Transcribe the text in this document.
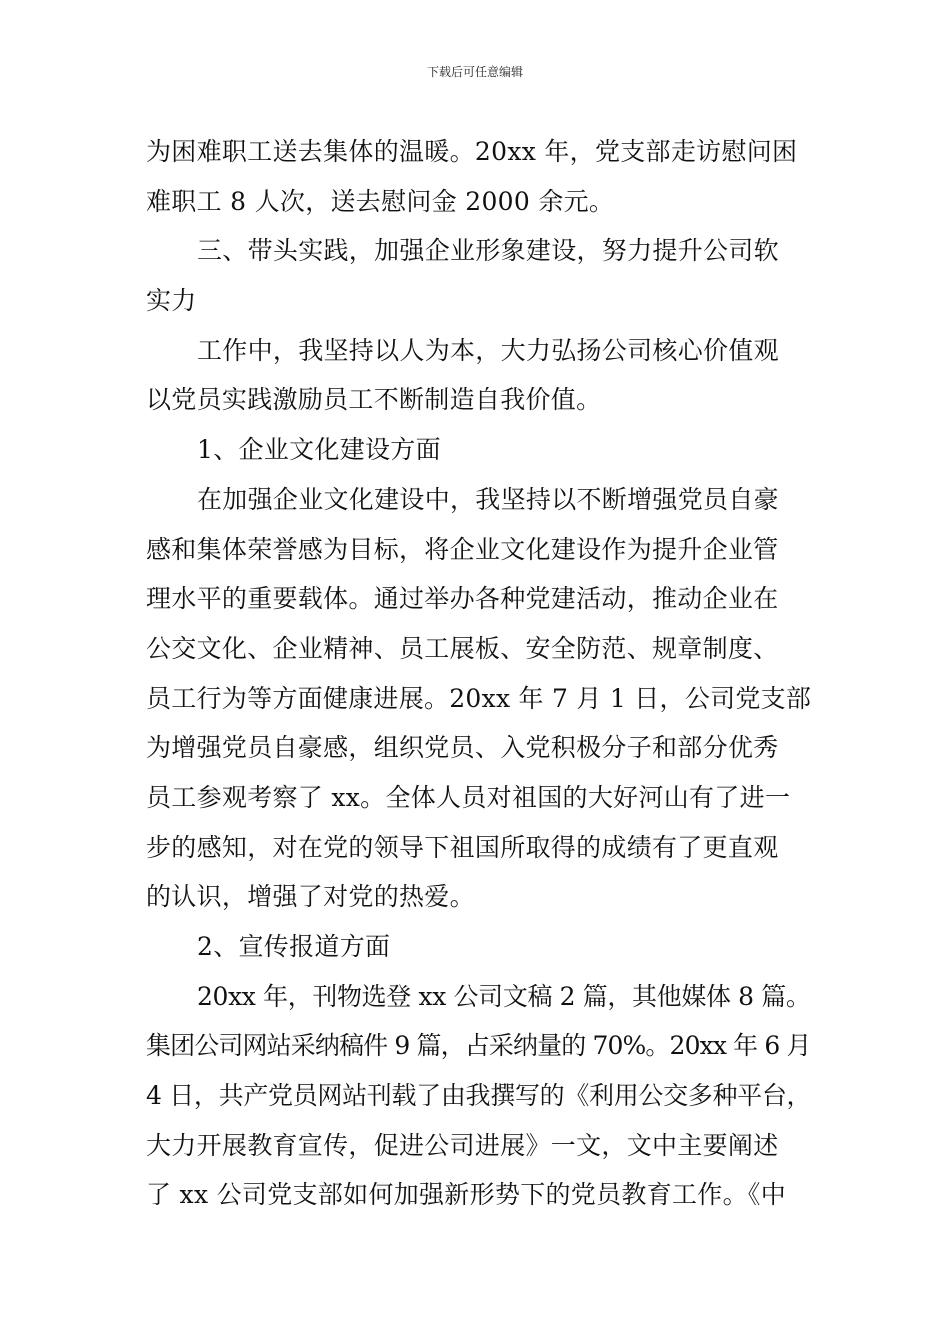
下载后可任意编辑
为困难职工送去集体的温暖。20xx 年，党支部走访慰问困
难职工 8 人次，送去慰问金 2000 余元。
三、带头实践，加强企业形象建设，努力提升公司软
实力
工作中，我坚持以人为本，大力弘扬公司核心价值观
以党员实践激励员工不断制造自我价值。
1、企业文化建设方面
在加强企业文化建设中，我坚持以不断增强党员自豪
感和集体荣誉感为目标，将企业文化建设作为提升企业管
理水平的重要载体。通过举办各种党建活动，推动企业在
公交文化、企业精神、员工展板、安全防范、规章制度、
员工行为等方面健康进展。20xx 年 7 月 1 日，公司党支部
为增强党员自豪感，组织党员、入党积极分子和部分优秀
员工参观考察了 xx。全体人员对祖国的大好河山有了进一
步的感知，对在党的领导下祖国所取得的成绩有了更直观
的认识，增强了对党的热爱。
2、宣传报道方面
20xx 年，刊物选登 xx 公司文稿 2 篇，其他媒体 8 篇。
集团公司网站采纳稿件 9 篇，占采纳量的 70%。20xx 年 6 月
4 日，共产党员网站刊载了由我撰写的《利用公交多种平台，
大力开展教育宣传，促进公司进展》一文，文中主要阐述
了 xx 公司党支部如何加强新形势下的党员教育工作。《中
